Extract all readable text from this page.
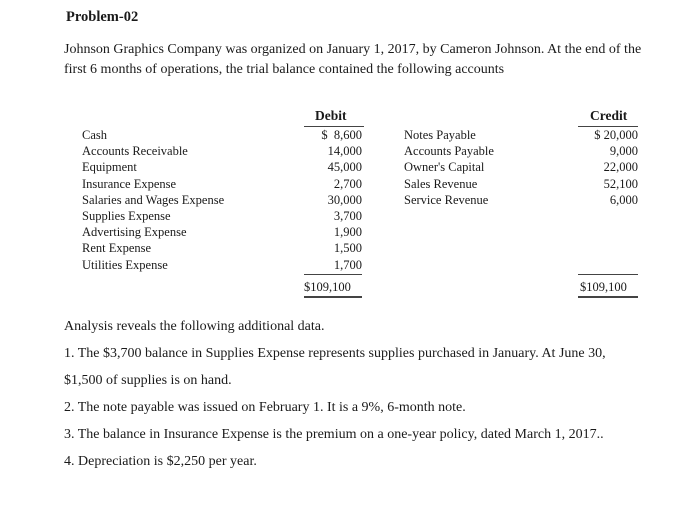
Problem-02
Johnson Graphics Company was organized on January 1, 2017, by Cameron Johnson. At the end of the first 6 months of operations, the trial balance contained the following accounts
Debit
Cash
Accounts Receivable
Equipment
Insurance Expense
Salaries and Wages Expense
Supplies Expense
Advertising Expense
Rent Expense
Utilities Expense
$  8,600
14,000
45,000
2,700
30,000
3,700
1,900
1,500
1,700
$109,100
Credit
Notes Payable
Accounts Payable
Owner's Capital
Sales Revenue
Service Revenue
$ 20,000
9,000
22,000
52,100
6,000
$109,100
Analysis reveals the following additional data.
1. The $3,700 balance in Supplies Expense represents supplies purchased in January. At June 30,
$1,500 of supplies is on hand.
2. The note payable was issued on February 1. It is a 9%, 6-month note.
3. The balance in Insurance Expense is the premium on a one-year policy, dated March 1, 2017..
4. Depreciation is $2,250 per year.
